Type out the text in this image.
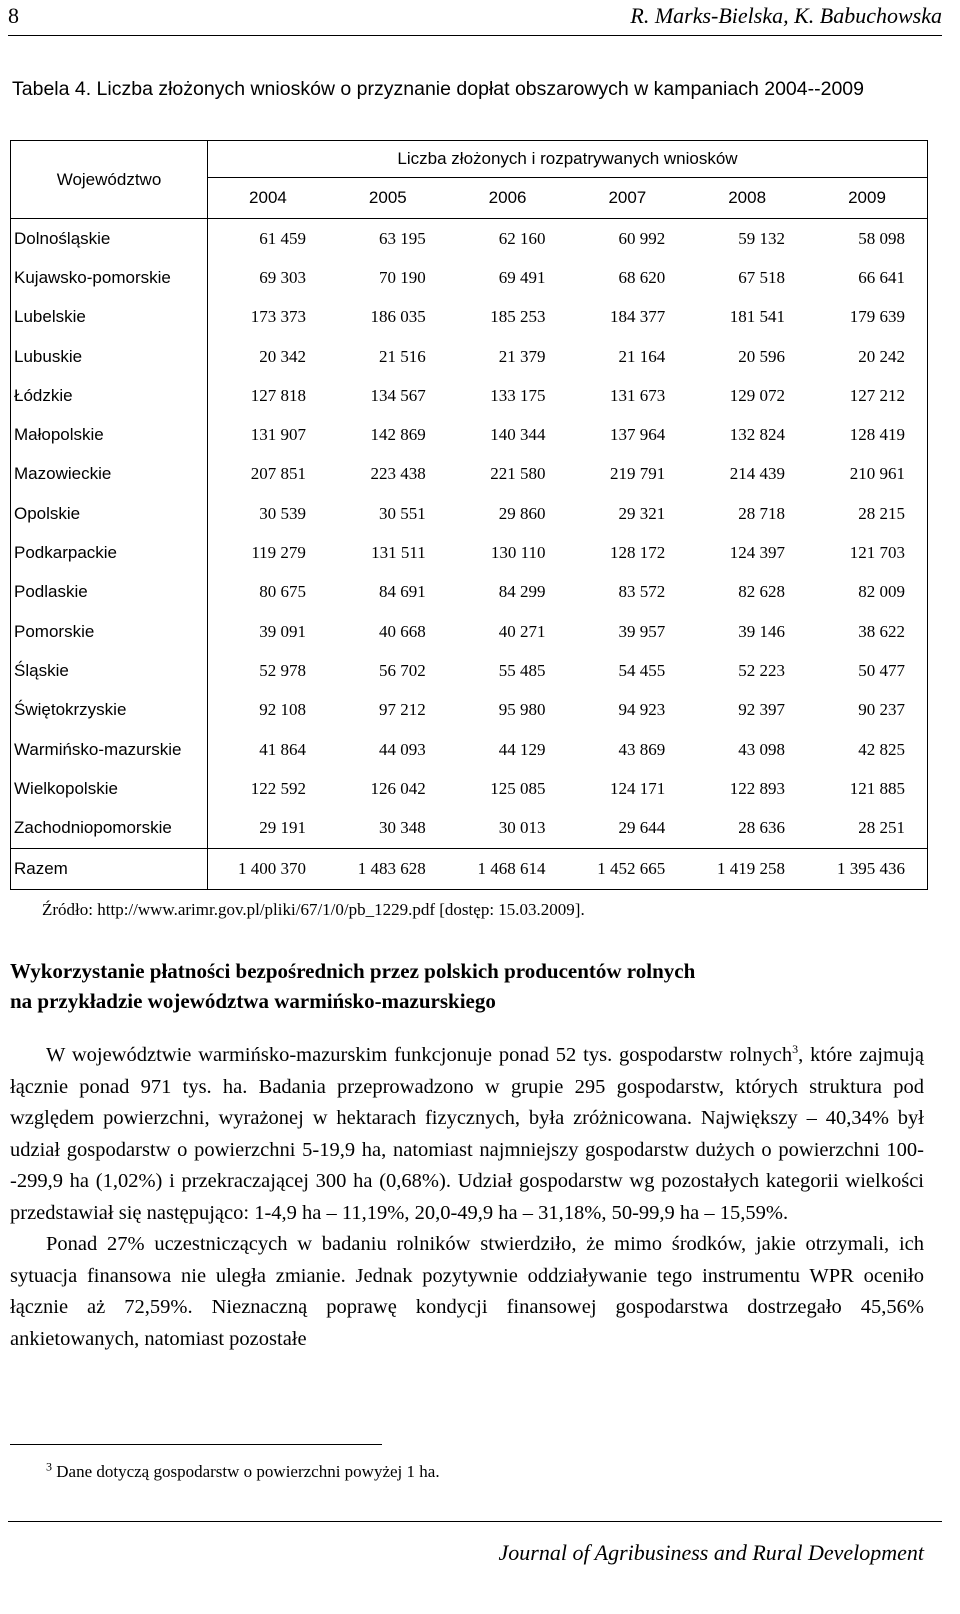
8	R. Marks-Bielska, K. Babuchowska
Tabela 4. Liczba złożonych wniosków o przyznanie dopłat obszarowych w kampaniach 2004--2009
Województwo	Liczba złożonych i rozpatrywanych wniosków					
	2004	2005	2006	2007	2008	2009
Dolnośląskie	61 459	63 195	62 160	60 992	59 132	58 098
Kujawsko-pomorskie	69 303	70 190	69 491	68 620	67 518	66 641
Lubelskie	173 373	186 035	185 253	184 377	181 541	179 639
Lubuskie	20 342	21 516	21 379	21 164	20 596	20 242
Łódzkie	127 818	134 567	133 175	131 673	129 072	127 212
Małopolskie	131 907	142 869	140 344	137 964	132 824	128 419
Mazowieckie	207 851	223 438	221 580	219 791	214 439	210 961
Opolskie	30 539	30 551	29 860	29 321	28 718	28 215
Podkarpackie	119 279	131 511	130 110	128 172	124 397	121 703
Podlaskie	80 675	84 691	84 299	83 572	82 628	82 009
Pomorskie	39 091	40 668	40 271	39 957	39 146	38 622
Śląskie	52 978	56 702	55 485	54 455	52 223	50 477
Świętokrzyskie	92 108	97 212	95 980	94 923	92 397	90 237
Warmińsko-mazurskie	41 864	44 093	44 129	43 869	43 098	42 825
Wielkopolskie	122 592	126 042	125 085	124 171	122 893	121 885
Zachodniopomorskie	29 191	30 348	30 013	29 644	28 636	28 251
Razem	1 400 370	1 483 628	1 468 614	1 452 665	1 419 258	1 395 436
Źródło: http://www.arimr.gov.pl/pliki/67/1/0/pb_1229.pdf [dostęp: 15.03.2009].
Wykorzystanie płatności bezpośrednich przez polskich producentów rolnych
na przykładzie województwa warmińsko-mazurskiego

W województwie warmińsko-mazurskim funkcjonuje ponad 52 tys. gospodarstw rolnych$^3$, które zajmują łącznie ponad 971 tys. ha. Badania przeprowadzono w grupie 295 gospodarstw, których struktura pod względem powierzchni, wyrażonej w hektarach fizycznych, była zróżnicowana. Największy – 40,34% był udział gospodarstw o powierzchni 5-19,9 ha, natomiast najmniejszy gospodarstw dużych o powierzchni 100--299,9 ha (1,02%) i przekraczającej 300 ha (0,68%). Udział gospodarstw wg pozostałych kategorii wielkości przedstawiał się następująco: 1-4,9 ha – 11,19%, 20,0-49,9 ha – 31,18%, 50-99,9 ha – 15,59%.

Ponad 27% uczestniczących w badaniu rolników stwierdziło, że mimo środków, jakie otrzymali, ich sytuacja finansowa nie uległa zmianie. Jednak pozytywnie oddziaływanie tego instrumentu WPR oceniło łącznie aż 72,59%. Nieznaczną poprawę kondycji finansowej gospodarstwa dostrzegało 45,56% ankietowanych, natomiast pozostałe

$^3$ Dane dotyczą gospodarstw o powierzchni powyżej 1 ha.
Journal of Agribusiness and Rural Development
